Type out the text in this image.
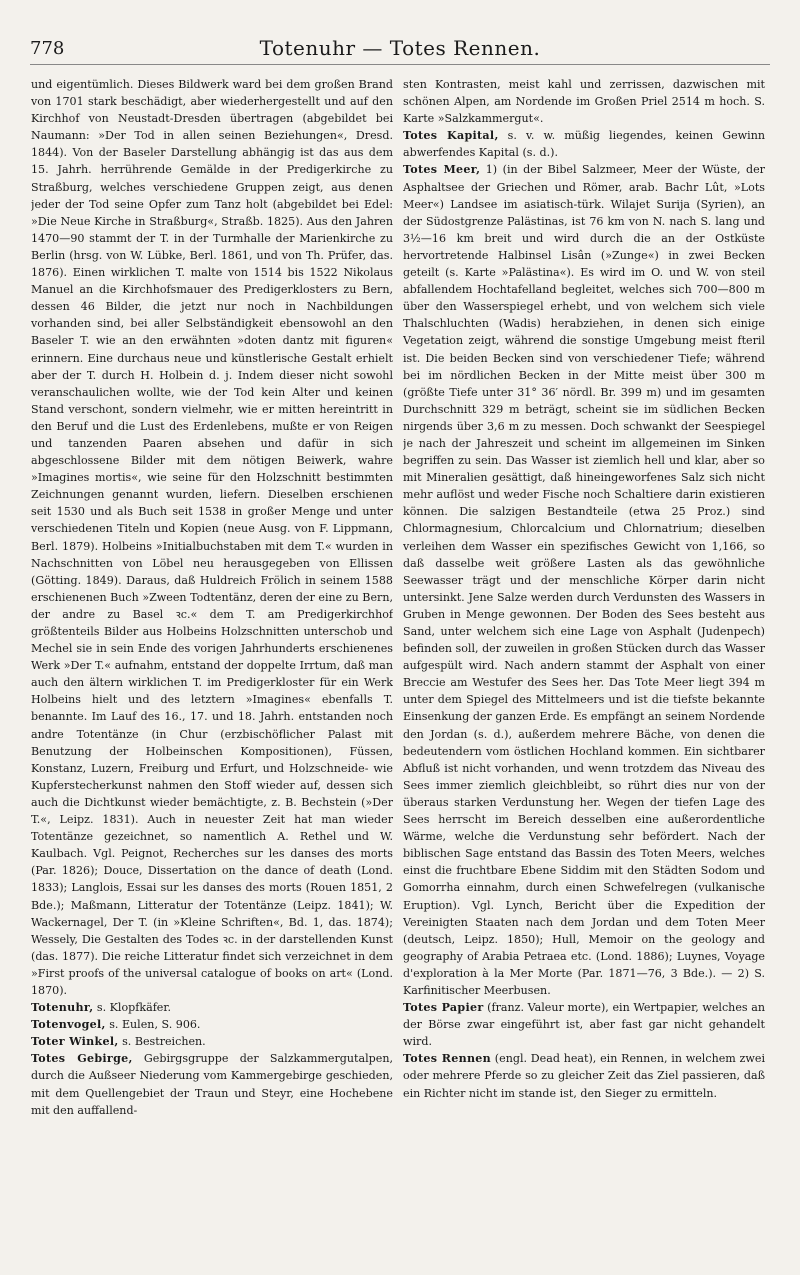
778	Totenuhr — Totes Rennen.

und eigentümlich. Dieses Bildwerk ward bei dem großen Brand von 1701 stark beschädigt, aber wiederhergestellt und auf den Kirchhof von Neustadt-Dresden übertragen (abgebildet bei Naumann: »Der Tod in allen seinen Beziehungen«, Dresd. 1844). Von der Baseler Darstellung abhängig ist das aus dem 15. Jahrh. herrührende Gemälde in der Predigerkirche zu Straßburg, welches verschiedene Gruppen zeigt, aus denen jeder der Tod seine Opfer zum Tanz holt (abgebildet bei Edel: »Die Neue Kirche in Straßburg«, Straßb. 1825). Aus den Jahren 1470—90 stammt der T. in der Turmhalle der Marienkirche zu Berlin (hrsg. von W. Lübke, Berl. 1861, und von Th. Prüfer, das. 1876). Einen wirklichen T. malte von 1514 bis 1522 Nikolaus Manuel an die Kirchhofsmauer des Predigerklosters zu Bern, dessen 46 Bilder, die jetzt nur noch in Nachbildungen vorhanden sind, bei aller Selbständigkeit ebensowohl an den Baseler T. wie an den erwähnten »doten dantz mit figuren« erinnern. Eine durchaus neue und künstlerische Gestalt erhielt aber der T. durch H. Holbein d. j. Indem dieser nicht sowohl veranschaulichen wollte, wie der Tod kein Alter und keinen Stand verschont, sondern vielmehr, wie er mitten hereintritt in den Beruf und die Lust des Erdenlebens, mußte er von Reigen und tanzenden Paaren absehen und dafür in sich abgeschlossene Bilder mit dem nötigen Beiwerk, wahre »Imagines mortis«, wie seine für den Holzschnitt bestimmten Zeichnungen genannt wurden, liefern. Dieselben erschienen seit 1530 und als Buch seit 1538 in großer Menge und unter verschiedenen Titeln und Kopien (neue Ausg. von F. Lippmann, Berl. 1879). Holbeins »Initialbuchstaben mit dem T.« wurden in Nachschnitten von Löbel neu herausgegeben von Ellissen (Götting. 1849). Daraus, daß Huldreich Frölich in seinem 1588 erschienenen Buch »Zween Todtentänz, deren der eine zu Bern, der andre zu Basel ꝛc.« dem T. am Predigerkirchhof größtenteils Bilder aus Holbeins Holzschnitten unterschob und Mechel sie in sein Ende des vorigen Jahrhunderts erschienenes Werk »Der T.« aufnahm, entstand der doppelte Irrtum, daß man auch den ältern wirklichen T. im Predigerkloster für ein Werk Holbeins hielt und des letztern »Imagines« ebenfalls T. benannte. Im Lauf des 16., 17. und 18. Jahrh. entstanden noch andre Totentänze (in Chur (erzbischöflicher Palast mit Benutzung der Holbeinschen Kompositionen), Füssen, Konstanz, Luzern, Freiburg und Erfurt, und Holzschneide- wie Kupferstecherkunst nahmen den Stoff wieder auf, dessen sich auch die Dichtkunst wieder bemächtigte, z. B. Bechstein (»Der T.«, Leipz. 1831). Auch in neuester Zeit hat man wieder Totentänze gezeichnet, so namentlich A. Rethel und W. Kaulbach. Vgl. Peignot, Recherches sur les danses des morts (Par. 1826); Douce, Dissertation on the dance of death (Lond. 1833); Langlois, Essai sur les danses des morts (Rouen 1851, 2 Bde.); Maßmann, Litteratur der Totentänze (Leipz. 1841); W. Wackernagel, Der T. (in »Kleine Schriften«, Bd. 1, das. 1874); Wessely, Die Gestalten des Todes ꝛc. in der darstellenden Kunst (das. 1877). Die reiche Litteratur findet sich verzeichnet in dem »First proofs of the universal catalogue of books on art« (Lond. 1870).

Totenuhr, s. Klopfkäfer.

Totenvogel, s. Eulen, S. 906.

Toter Winkel, s. Bestreichen.

Totes Gebirge, Gebirgsgruppe der Salzkammergutalpen, durch die Außseer Niederung vom Kammergebirge geschieden, mit dem Quellengebiet der Traun und Steyr, eine Hochebene mit den auffallend-

sten Kontrasten, meist kahl und zerrissen, dazwischen mit schönen Alpen, am Nordende im Großen Priel 2514 m hoch. S. Karte »Salzkammergut«.

Totes Kapital, s. v. w. müßig liegendes, keinen Gewinn abwerfendes Kapital (s. d.).

Totes Meer, 1) (in der Bibel Salzmeer, Meer der Wüste, der Asphaltsee der Griechen und Römer, arab. Bachr Lût, »Lots Meer«) Landsee im asiatisch-türk. Wilajet Surija (Syrien), an der Südostgrenze Palästinas, ist 76 km von N. nach S. lang und 3½—16 km breit und wird durch die an der Ostküste hervortretende Halbinsel Lisân (»Zunge«) in zwei Becken geteilt (s. Karte »Palästina«). Es wird im O. und W. von steil abfallendem Hochtafelland begleitet, welches sich 700—800 m über den Wasserspiegel erhebt, und von welchem sich viele Thalschluchten (Wadis) herabziehen, in denen sich einige Vegetation zeigt, während die sonstige Umgebung meist fteril ist. Die beiden Becken sind von verschiedener Tiefe; während bei im nördlichen Becken in der Mitte meist über 300 m (größte Tiefe unter 31° 36′ nördl. Br. 399 m) und im gesamten Durchschnitt 329 m beträgt, scheint sie im südlichen Becken nirgends über 3,6 m zu messen. Doch schwankt der Seespiegel je nach der Jahreszeit und scheint im allgemeinen im Sinken begriffen zu sein. Das Wasser ist ziemlich hell und klar, aber so mit Mineralien gesättigt, daß hineingeworfenes Salz sich nicht mehr auflöst und weder Fische noch Schaltiere darin existieren können. Die salzigen Bestandteile (etwa 25 Proz.) sind Chlormagnesium, Chlorcalcium und Chlornatrium; dieselben verleihen dem Wasser ein spezifisches Gewicht von 1,166, so daß dasselbe weit größere Lasten als das gewöhnliche Seewasser trägt und der menschliche Körper darin nicht untersinkt. Jene Salze werden durch Verdunsten des Wassers in Gruben in Menge gewonnen. Der Boden des Sees besteht aus Sand, unter welchem sich eine Lage von Asphalt (Judenpech) befinden soll, der zuweilen in großen Stücken durch das Wasser aufgespült wird. Nach andern stammt der Asphalt von einer Breccie am Westufer des Sees her. Das Tote Meer liegt 394 m unter dem Spiegel des Mittelmeers und ist die tiefste bekannte Einsenkung der ganzen Erde. Es empfängt an seinem Nordende den Jordan (s. d.), außerdem mehrere Bäche, von denen die bedeutendern vom östlichen Hochland kommen. Ein sichtbarer Abfluß ist nicht vorhanden, und wenn trotzdem das Niveau des Sees immer ziemlich gleichbleibt, so rührt dies nur von der überaus starken Verdunstung her. Wegen der tiefen Lage des Sees herrscht im Bereich desselben eine außerordentliche Wärme, welche die Verdunstung sehr befördert. Nach der biblischen Sage entstand das Bassin des Toten Meers, welches einst die fruchtbare Ebene Siddim mit den Städten Sodom und Gomorrha einnahm, durch einen Schwefelregen (vulkanische Eruption). Vgl. Lynch, Bericht über die Expedition der Vereinigten Staaten nach dem Jordan und dem Toten Meer (deutsch, Leipz. 1850); Hull, Memoir on the geology and geography of Arabia Petraea etc. (Lond. 1886); Luynes, Voyage d'exploration à la Mer Morte (Par. 1871—76, 3 Bde.). — 2) S. Karfinitischer Meerbusen.

Totes Papier (franz. Valeur morte), ein Wertpapier, welches an der Börse zwar eingeführt ist, aber fast gar nicht gehandelt wird.

Totes Rennen (engl. Dead heat), ein Rennen, in welchem zwei oder mehrere Pferde so zu gleicher Zeit das Ziel passieren, daß ein Richter nicht im stande ist, den Sieger zu ermitteln.
